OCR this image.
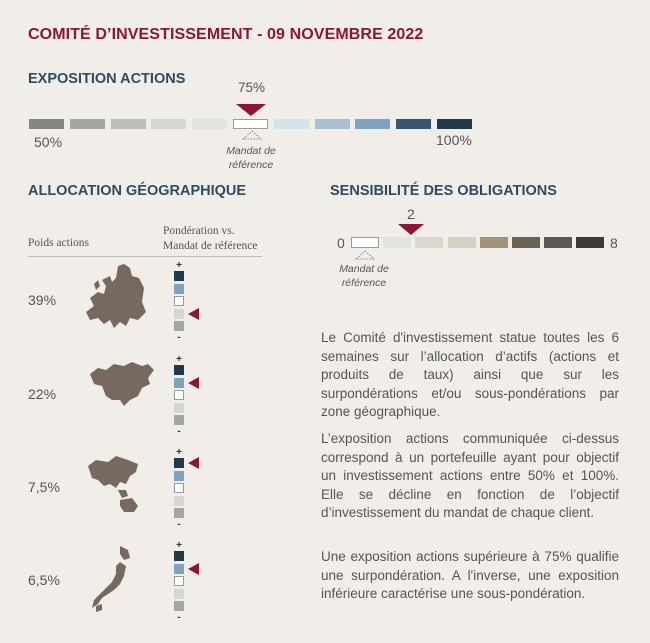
COMITÉ D’INVESTISSEMENT - 09 NOVEMBRE 2022
EXPOSITION ACTIONS
75%
50%	100%
Mandat de
référence
ALLOCATION GÉOGRAPHIQUE
Poids actions
Pondération vs.
Mandat de référence
39%
22%
7,5%
6,5%
+
-
+
-
+
-
+
-
SENSIBILITÉ DES OBLIGATIONS
2
0	8
Mandat de
référence
Le Comité d'investissement statue toutes les 6 semaines sur l’allocation d’actifs (actions et produits de taux) ainsi que sur les surpondérations et/ou sous-pondérations par zone géographique.
L’exposition actions communiquée ci-dessus correspond à un portefeuille ayant pour objectif un investissement actions entre 50% et 100%. Elle se décline en fonction de l’objectif d’investissement du mandat de chaque client.
Une exposition actions supérieure à 75% qualifie une surpondération. A l'inverse, une exposition inférieure caractérise une sous-pondération.
